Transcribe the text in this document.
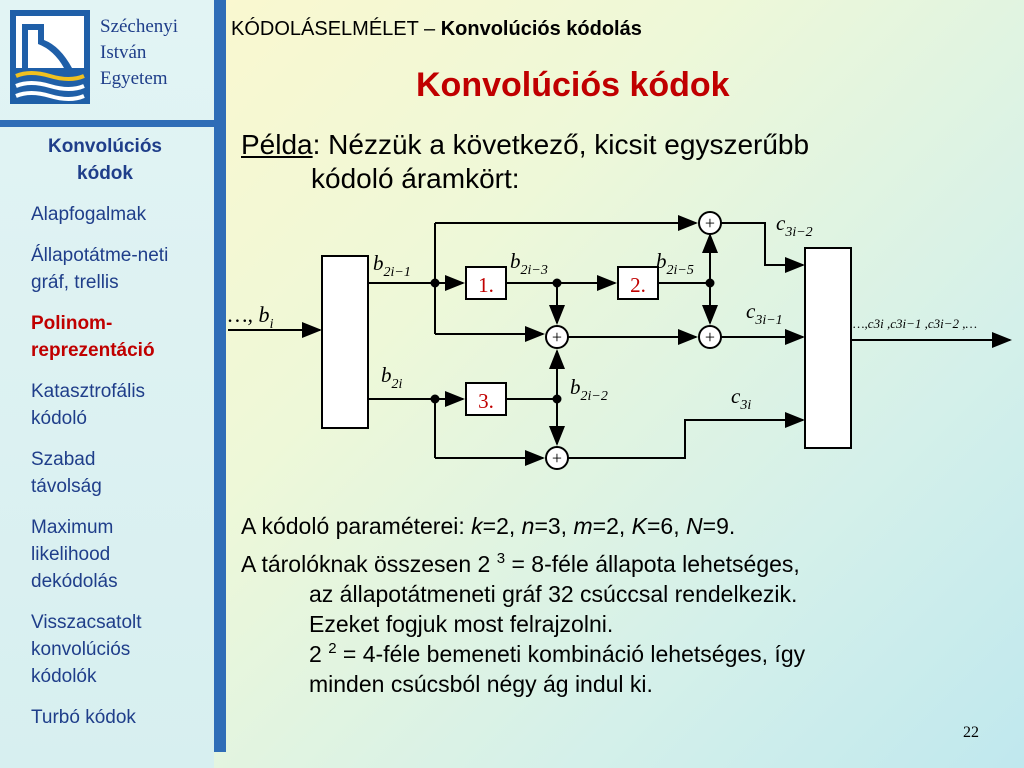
Széchenyi
István
Egyetem
KÓDOLÁSELMÉLET – Konvolúciós kódolás
Konvolúciós kódok
Konvolúciós kódok
Alapfogalmak
Állapotátme-neti gráf, trellis
Polinom-reprezentáció
Katasztrofális kódoló
Szabad távolság
Maximum likelihood dekódolás
Visszacsatolt konvolúciós kódolók
Turbó kódok
Példa: Nézzük a következő, kicsit egyszerűbb
kódoló áramkört:
…, $b_i$
1.	2.
+
+	+
3.
+
$b_{2i-1}$	$b_{2i-3}$	$b_{2i-5}$
$b_{2i}$	$b_{2i-2}$
$c_{3i-2}$
$c_{3i-1}$
$c_{3i}$
…,c3i ,c3i−1 ,c3i−2 ,…
A kódoló paraméterei: k=2, n=3, m=2, K=6, N=9.
A tárolóknak összesen 2 $^3$ = 8-féle állapota lehetséges,
az állapotátmeneti gráf 32 csúccsal rendelkezik.
Ezeket fogjuk most felrajzolni.
2 $^2$ = 4-féle bemeneti kombináció lehetséges, így
minden csúcsból négy ág indul ki.
22
